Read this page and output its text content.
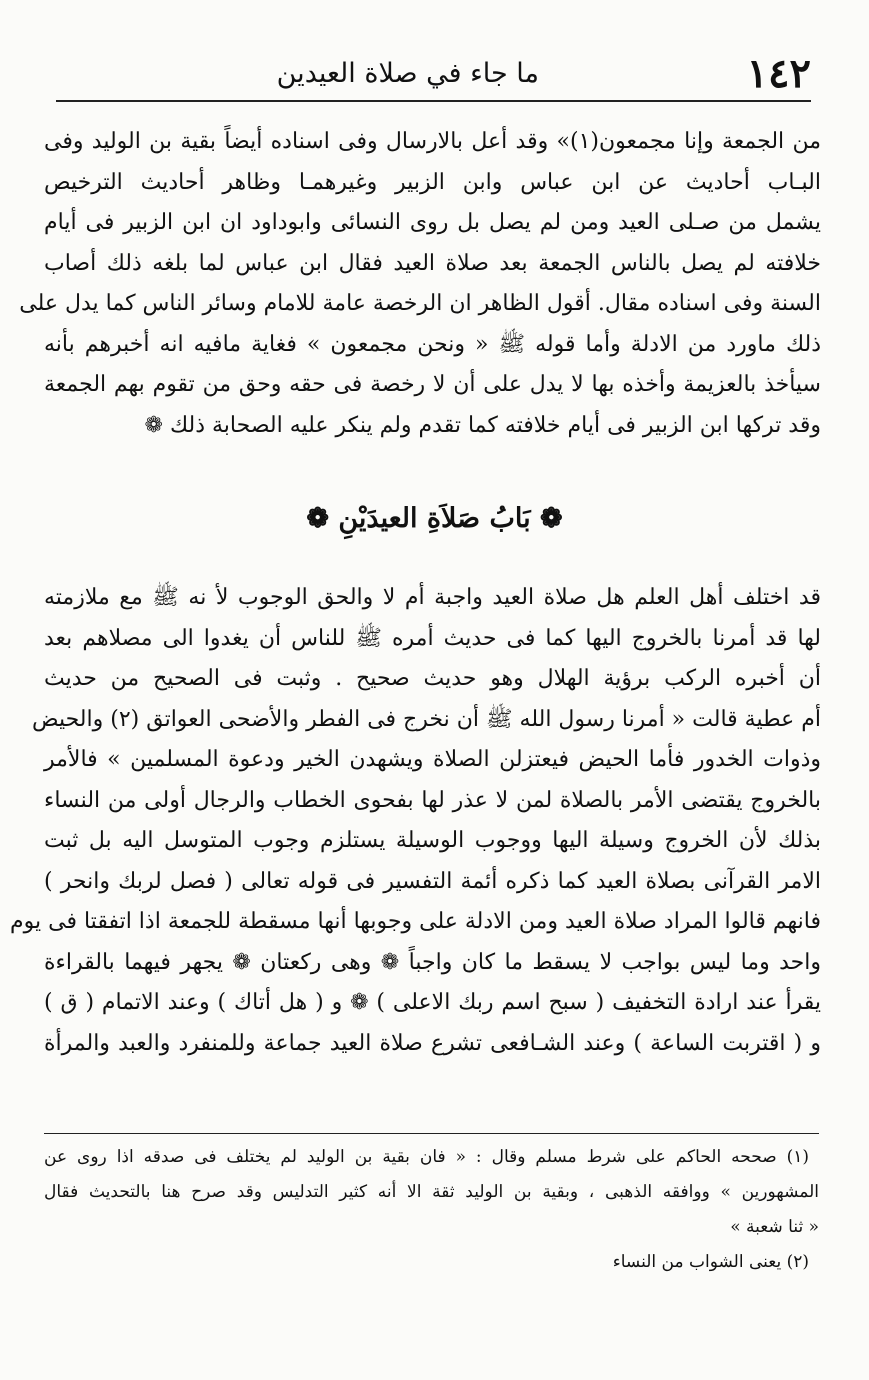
١٤٢
ما جاء في صلاة العيدين
من الجمعة وإنا مجمعون(١)» وقد أعل بالارسال وفى اسناده أيضاً بقية بن الوليد وفى
البـاب أحاديث عن ابن عباس وابن الزبير وغيرهمـا وظاهر أحاديث الترخيص
يشمل من صـلى العيد ومن لم يصل بل روى النسائى وابوداود ان ابن الزبير فى أيام
خلافته لم يصل بالناس الجمعة بعد صلاة العيد فقال ابن عباس لما بلغه ذلك أصاب
السنة وفى اسناده مقال. أقول الظاهر ان الرخصة عامة للامام وسائر الناس كما يدل على
ذلك ماورد من الادلة وأما قوله ﷺ « ونحن مجمعون » فغاية مافيه انه أخبرهم بأنه
سيأخذ بالعزيمة وأخذه بها لا يدل على أن لا رخصة فى حقه وحق من تقوم بهم الجمعة
وقد تركها ابن الزبير فى أيام خلافته كما تقدم ولم ينكر عليه الصحابة ذلك ❁
❁ بَابُ صَلاَةِ العيدَيْنِ ❁
قد اختلف أهل العلم هل صلاة العيد واجبة أم لا والحق الوجوب لأ نه ﷺ مع ملازمته
لها قد أمرنا بالخروج اليها كما فى حديث أمره ﷺ للناس أن يغدوا الى مصلاهم بعد
أن أخبره الركب برؤية الهلال وهو حديث صحيح . وثبت فى الصحيح من حديث
أم عطية قالت « أمرنا رسول الله ﷺ أن نخرج فى الفطر والأضحى العواتق (٢) والحيض
وذوات الخدور فأما الحيض فيعتزلن الصلاة ويشهدن الخير ودعوة المسلمين » فالأمر
بالخروج يقتضى الأمر بالصلاة لمن لا عذر لها بفحوى الخطاب والرجال أولى من النساء
بذلك لأن الخروج وسيلة اليها ووجوب الوسيلة يستلزم وجوب المتوسل اليه بل ثبت
الامر القرآنى بصلاة العيد كما ذكره أئمة التفسير فى قوله تعالى ( فصل لربك وانحر )
فانهم قالوا المراد صلاة العيد ومن الادلة على وجوبها أنها مسقطة للجمعة اذا اتفقتا فى يوم
واحد وما ليس بواجب لا يسقط ما كان واجباً ❁ وهى ركعتان ❁ يجهر فيهما بالقراءة
يقرأ عند ارادة التخفيف ( سبح اسم ربك الاعلى ) ❁ و ( هل أتاك ) وعند الاتمام ( ق )
و ( اقتربت الساعة ) وعند الشـافعى تشرع صلاة العيد جماعة وللمنفرد والعبد والمرأة
(١) صححه الحاكم على شرط مسلم وقال : « فان بقية بن الوليد لم يختلف فى صدقه اذا روى عن
المشهورين » ووافقه الذهبى ، وبقية بن الوليد ثقة الا أنه كثير التدليس وقد صرح هنا بالتحديث فقال
« ثنا شعبة »
(٢) يعنى الشواب من النساء
